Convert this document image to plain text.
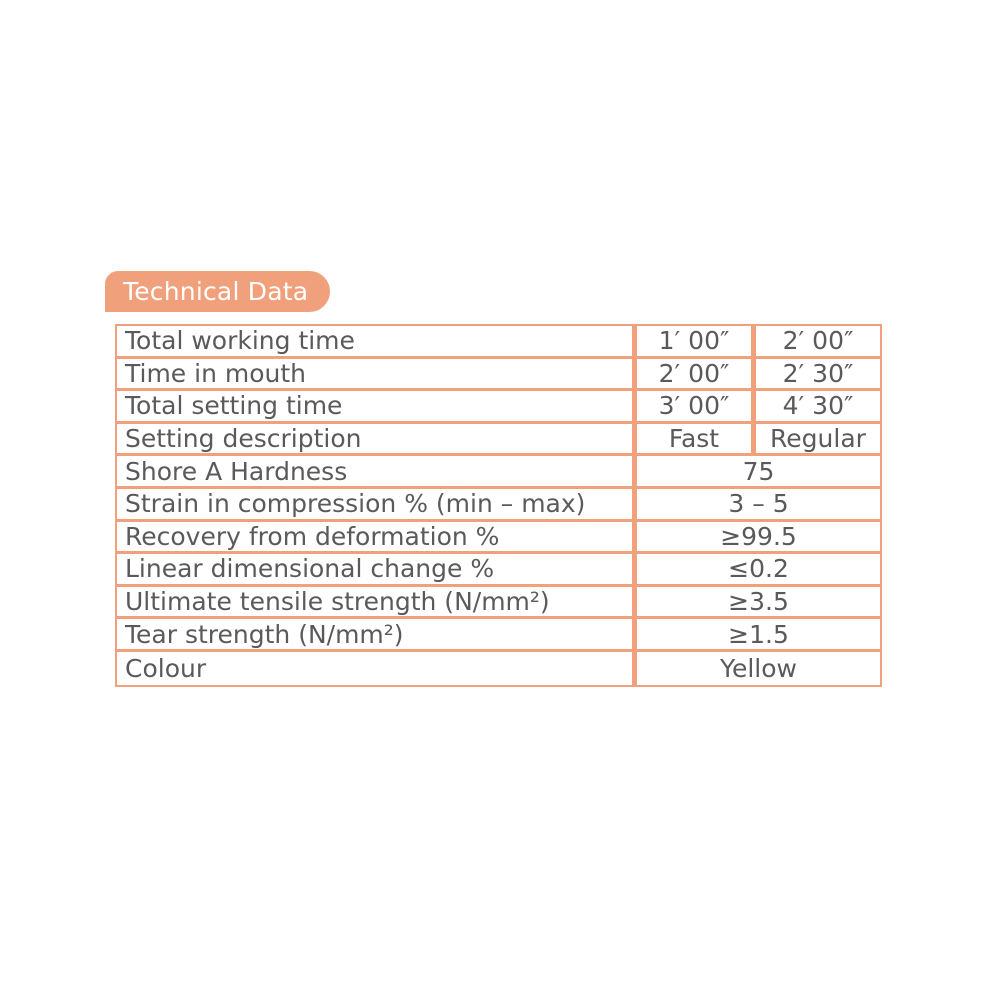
Technical Data
Total working time	1′ 00″	2′ 00″
Time in mouth	2′ 00″	2′ 30″
Total setting time	3′ 00″	4′ 30″
Setting description	Fast	Regular
Shore A Hardness	75	
Strain in compression % (min – max)	3 – 5	
Recovery from deformation %	≥99.5	
Linear dimensional change %	≤0.2	
Ultimate tensile strength (N/mm²)	≥3.5	
Tear strength (N/mm²)	≥1.5	
Colour	Yellow	
